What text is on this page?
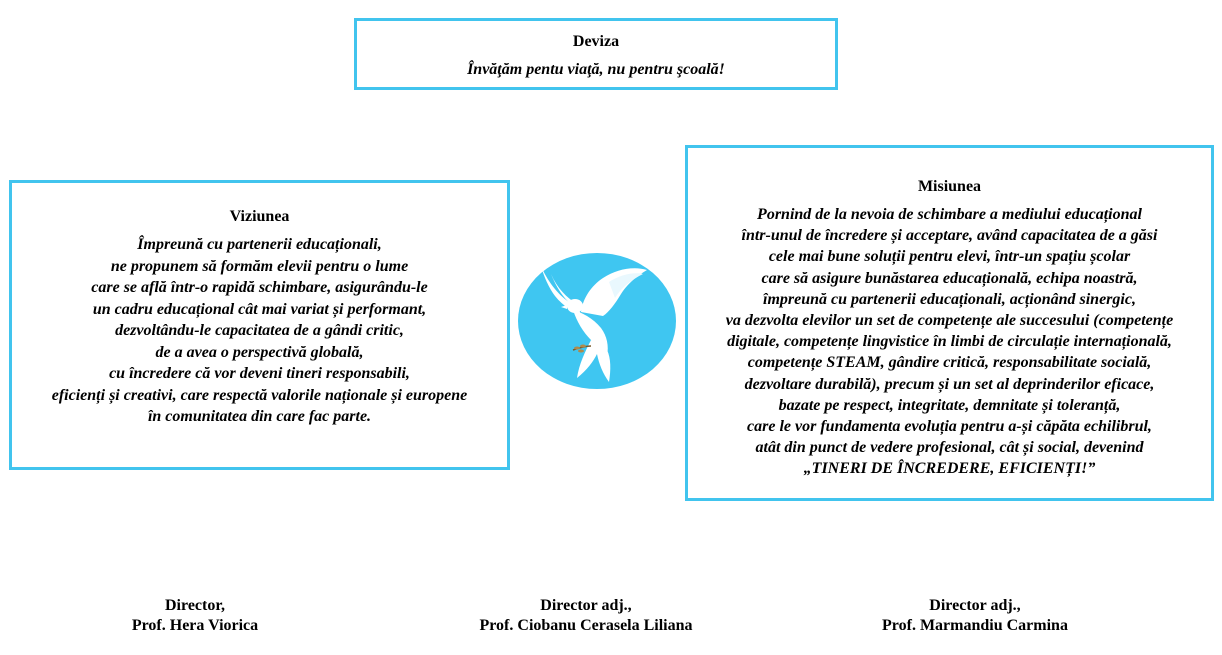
Deviza
Învăţăm pentu viaţă, nu pentru şcoală!
Viziunea
Împreună cu partenerii educaționali,
ne propunem să formăm elevii pentru o lume
care se află într-o rapidă schimbare, asigurându-le
un cadru educațional cât mai variat și performant,
dezvoltându-le capacitatea de a gândi critic,
de a avea o perspectivă globală,
cu încredere că vor deveni tineri responsabili,
eficienți și creativi, care respectă valorile naționale și europene
în comunitatea din care fac parte.
Misiunea
Pornind de la nevoia de schimbare a mediului educațional
într-unul de încredere și acceptare, având capacitatea de a găsi
cele mai bune soluții pentru elevi, într-un spațiu școlar
care să asigure bunăstarea educațională, echipa noastră,
împreună cu partenerii educaționali, acționând sinergic,
va dezvolta elevilor un set de competențe ale succesului (competențe
digitale, competențe lingvistice în limbi de circulație internațională,
competențe STEAM, gândire critică, responsabilitate socială,
dezvoltare durabilă), precum și un set al deprinderilor eficace,
bazate pe respect, integritate, demnitate și toleranță,
care le vor fundamenta evoluția pentru a-și căpăta echilibrul,
atât din punct de vedere profesional, cât și social, devenind
„TINERI DE ÎNCREDERE, EFICIENȚI!”
Director,
Prof. Hera Viorica
Director adj.,
Prof. Ciobanu Cerasela Liliana
Director adj.,
Prof. Marmandiu Carmina
